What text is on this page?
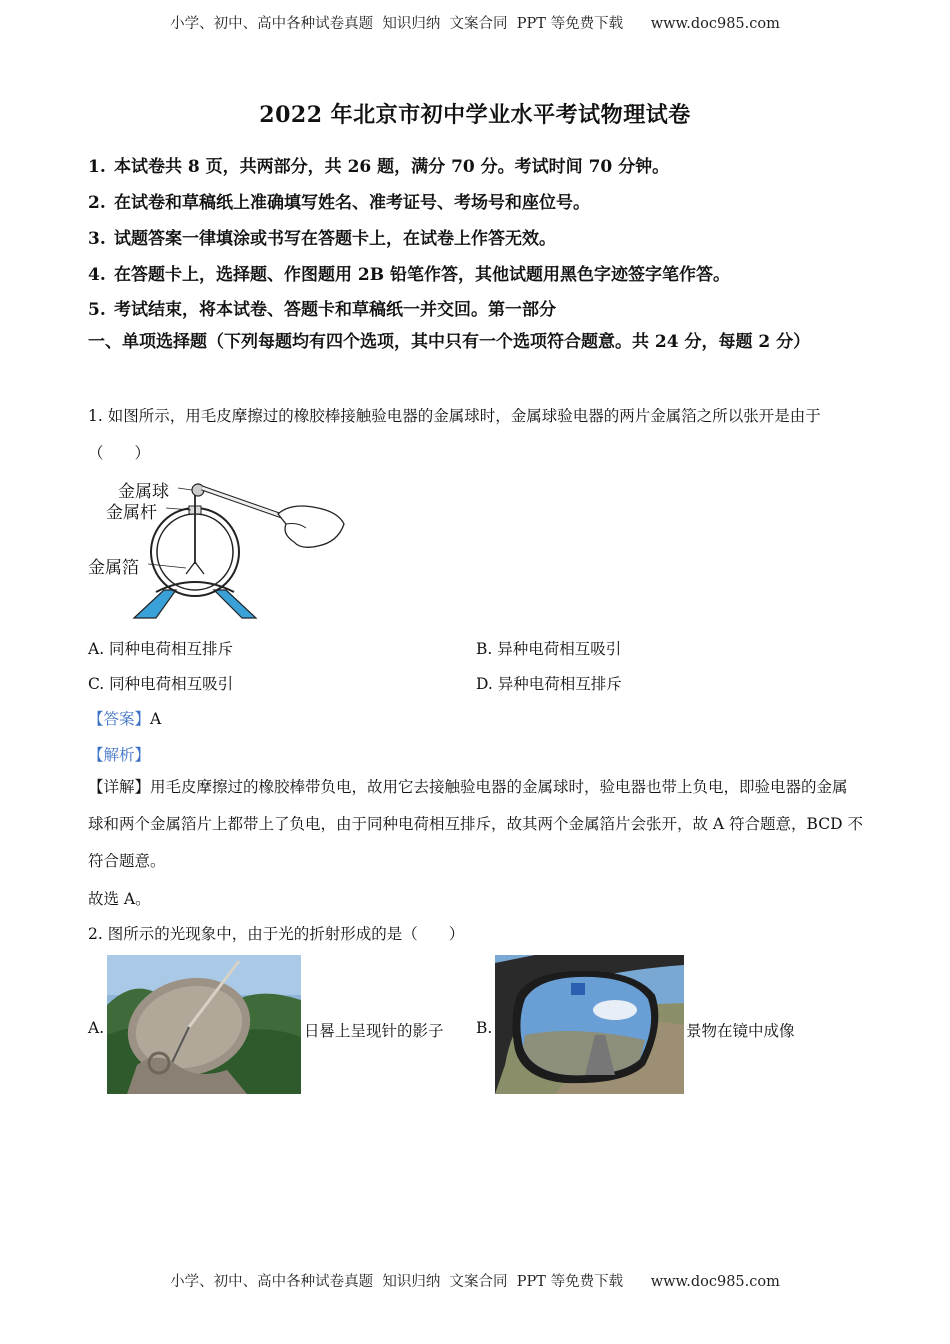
小学、初中、高中各种试卷真题  知识归纳  文案合同  PPT 等免费下载      www.doc985.com
2022 年北京市初中学业水平考试物理试卷
1. 本试卷共 8 页，共两部分，共 26 题，满分 70 分。考试时间 70 分钟。
2. 在试卷和草稿纸上准确填写姓名、准考证号、考场号和座位号。
3. 试题答案一律填涂或书写在答题卡上，在试卷上作答无效。
4. 在答题卡上，选择题、作图题用 2B 铅笔作答，其他试题用黑色字迹签字笔作答。
5. 考试结束，将本试卷、答题卡和草稿纸一并交回。第一部分
一、单项选择题（下列每题均有四个选项，其中只有一个选项符合题意。共 24 分，每题 2 分）
1. 如图所示，用毛皮摩擦过的橡胶棒接触验电器的金属球时，金属球验电器的两片金属箔之所以张开是由于（　　）
金属球
金属杆
金属箔
A. 同种电荷相互排斥	B. 异种电荷相互吸引
C. 同种电荷相互吸引	D. 异种电荷相互排斥
【答案】A
【解析】
【详解】用毛皮摩擦过的橡胶棒带负电，故用它去接触验电器的金属球时，验电器也带上负电，即验电器的金属球和两个金属箔片上都带上了负电，由于同种电荷相互排斥，故其两个金属箔片会张开，故 A 符合题意，BCD 不符合题意。
故选 A。
2. 图所示的光现象中，由于光的折射形成的是（　　）
A.	日晷上呈现针的影子 B.	景物在镜中成像
小学、初中、高中各种试卷真题  知识归纳  文案合同  PPT 等免费下载      www.doc985.com
